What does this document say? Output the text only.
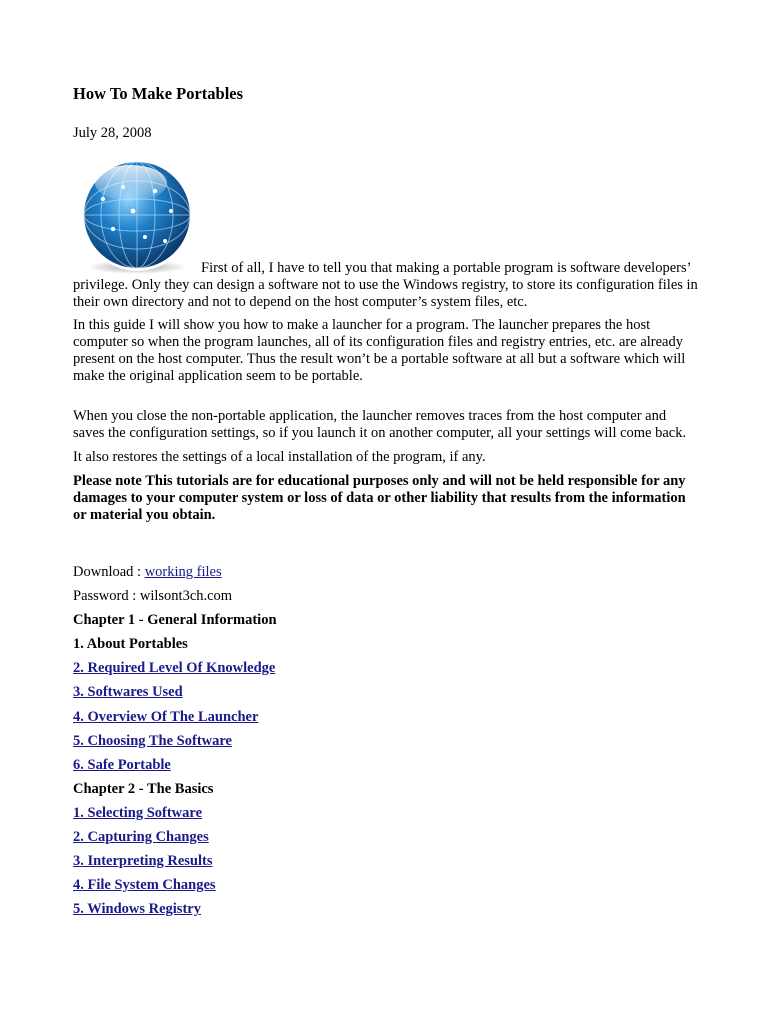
How To Make Portables
July 28, 2008

First of all, I have to tell you that making a portable program is software developers’ privilege. Only they can design a software not to use the Windows registry, to store its configuration files in their own directory and not to depend on the host computer’s system files, etc.

In this guide I will show you how to make a launcher for a program. The launcher prepares the host computer so when the program launches, all of its configuration files and registry entries, etc. are already present on the host computer. Thus the result won’t be a portable software at all but a software which will make the original application seem to be portable.

When you close the non-portable application, the launcher removes traces from the host computer and saves the configuration settings, so if you launch it on another computer, all your settings will come back.

It also restores the settings of a local installation of the program, if any.

Please note This tutorials are for educational purposes only and will not be held responsible for any damages to your computer system or loss of data or other liability that results from the information or material you obtain.

Download : working files
Password : wilsont3ch.com
Chapter 1 - General Information
1. About Portables
2. Required Level Of Knowledge
3. Softwares Used
4. Overview Of The Launcher
5. Choosing The Software
6. Safe Portable
Chapter 2 - The Basics
1. Selecting Software
2. Capturing Changes
3. Interpreting Results
4. File System Changes
5. Windows Registry
